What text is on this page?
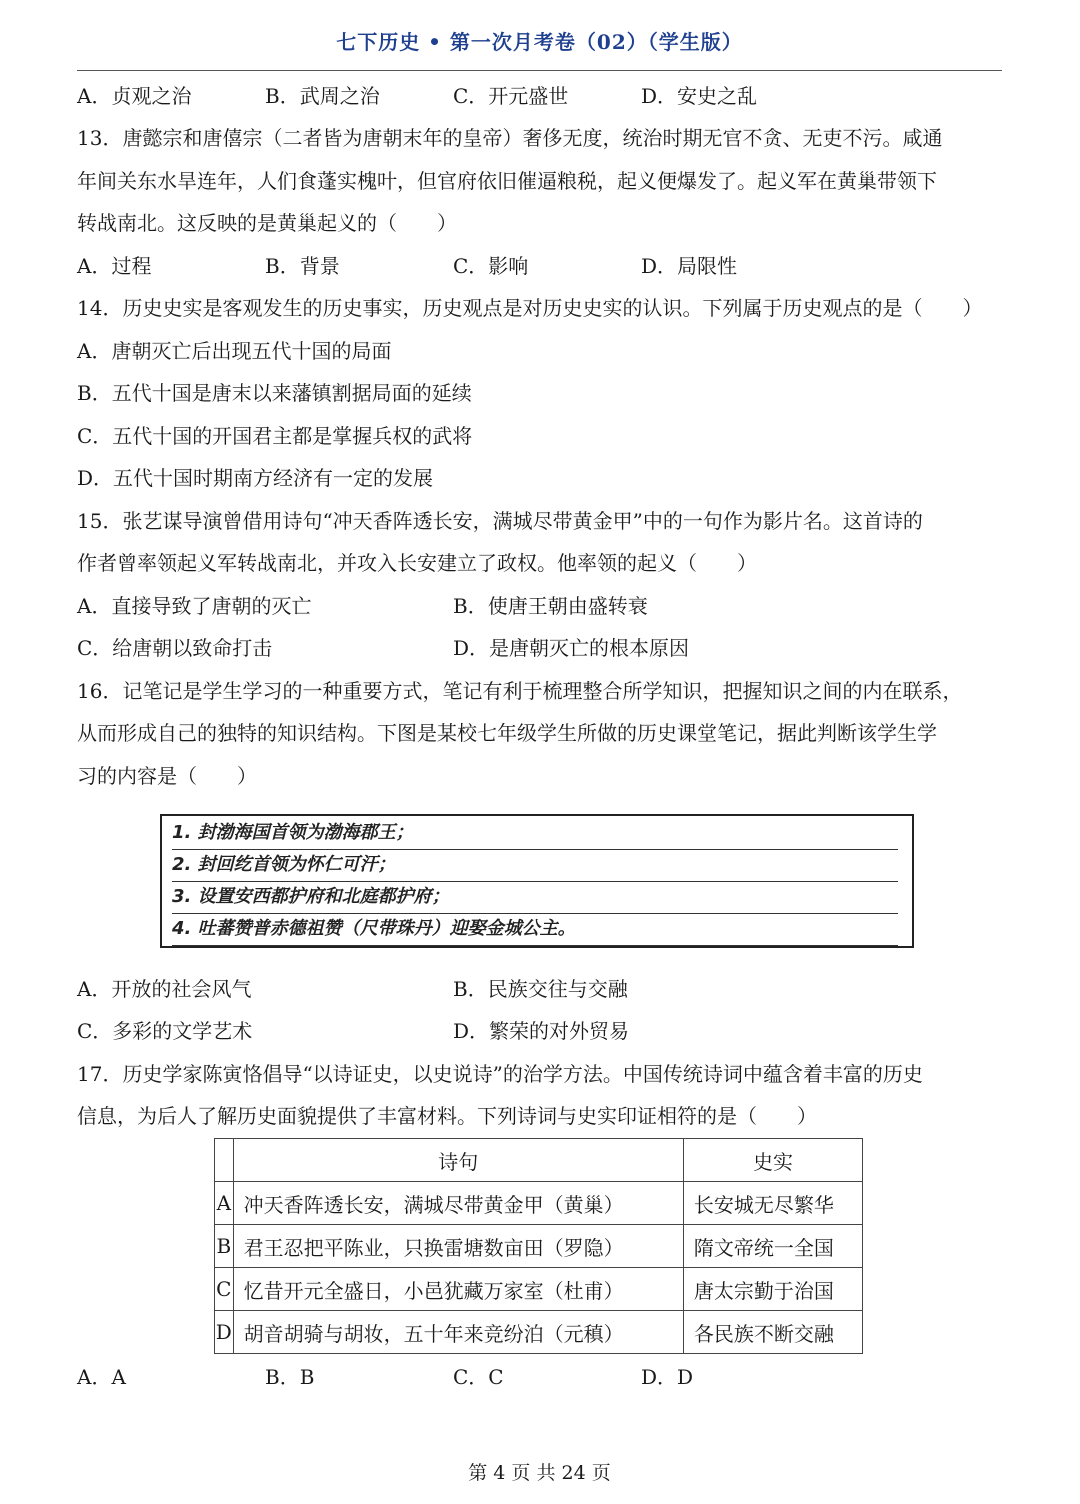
七下历史 • 第一次月考卷（02）（学生版）
A．贞观之治	B．武周之治	C．开元盛世	D．安史之乱
13．唐懿宗和唐僖宗（二者皆为唐朝末年的皇帝）奢侈无度，统治时期无官不贪、无吏不污。咸通
年间关东水旱连年，人们食蓬实槐叶，但官府依旧催逼粮税，起义便爆发了。起义军在黄巢带领下
转战南北。这反映的是黄巢起义的（　　）
A．过程	B．背景	C．影响	D．局限性
14．历史史实是客观发生的历史事实，历史观点是对历史史实的认识。下列属于历史观点的是（　　）
A．唐朝灭亡后出现五代十国的局面
B．五代十国是唐末以来藩镇割据局面的延续
C．五代十国的开国君主都是掌握兵权的武将
D．五代十国时期南方经济有一定的发展
15．张艺谋导演曾借用诗句“冲天香阵透长安，满城尽带黄金甲”中的一句作为影片名。这首诗的
作者曾率领起义军转战南北，并攻入长安建立了政权。他率领的起义（　　）
A．直接导致了唐朝的灭亡	B．使唐王朝由盛转衰
C．给唐朝以致命打击	D．是唐朝灭亡的根本原因
16．记笔记是学生学习的一种重要方式，笔记有利于梳理整合所学知识，把握知识之间的内在联系，
从而形成自己的独特的知识结构。下图是某校七年级学生所做的历史课堂笔记，据此判断该学生学
习的内容是（　　）
1. 封渤海国首领为渤海郡王；
2. 封回纥首领为怀仁可汗；
3. 设置安西都护府和北庭都护府；
4. 吐蕃赞普赤德祖赞（尺带珠丹）迎娶金城公主。
A．开放的社会风气	B．民族交往与交融
C．多彩的文学艺术	D．繁荣的对外贸易
17．历史学家陈寅恪倡导“以诗证史，以史说诗”的治学方法。中国传统诗词中蕴含着丰富的历史
信息，为后人了解历史面貌提供了丰富材料。下列诗词与史实印证相符的是（　　）
	诗句	史实
A	冲天香阵透长安，满城尽带黄金甲（黄巢）	长安城无尽繁华
B	君王忍把平陈业，只换雷塘数亩田（罗隐）	隋文帝统一全国
C	忆昔开元全盛日，小邑犹藏万家室（杜甫）	唐太宗勤于治国
D	胡音胡骑与胡妆，五十年来竞纷泊（元稹）	各民族不断交融
A．A	B．B	C．C	D．D
第 4 页 共 24 页
